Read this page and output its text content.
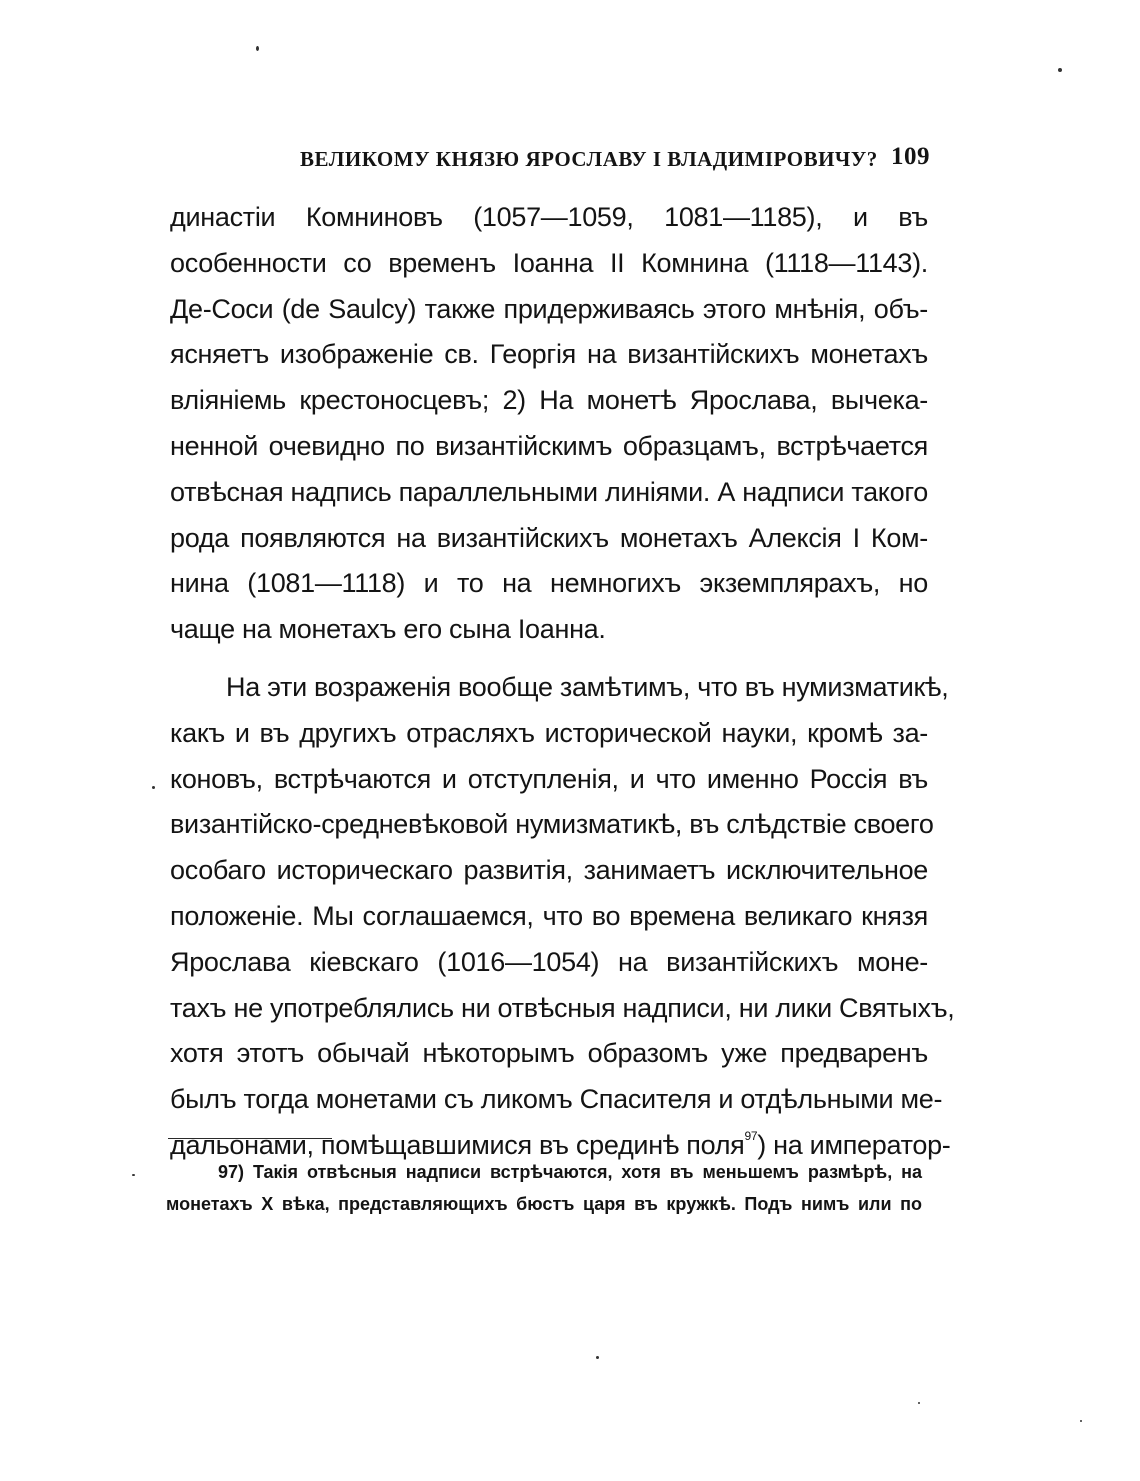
ВЕЛИКОМУ КНЯЗЮ ЯРОСЛАВУ І ВЛАДИМІРОВИЧУ? 109
династіи Комниновъ (1057—1059, 1081—1185), и въ
особенности со временъ Іоанна II Комнина (1118—1143).
Де-Соси (de Saulcy) также придерживаясь этого мнѣнія, объ-
ясняетъ изображеніе св. Георгія на византійскихъ монетахъ
вліяніемь крестоносцевъ; 2) На монетѣ Ярослава, вычека-
ненной очевидно по византійскимъ образцамъ, встрѣчается
отвѣсная надпись параллельными линіями. А надписи такого
рода появляются на византійскихъ монетахъ Алексія I Ком-
нина (1081—1118) и то на немногихъ экземплярахъ, но
чаще на монетахъ его сына Іоанна.
На эти возраженія вообще замѣтимъ, что въ нумизматикѣ,
какъ и въ другихъ отрасляхъ исторической науки, кромѣ за-
коновъ, встрѣчаются и отступленія, и что именно Россія въ
византійско-средневѣковой нумизматикѣ, въ слѣдствіе своего
особаго историческаго развитія, занимаетъ исключительное
положеніе. Мы соглашаемся, что во времена великаго князя
Ярослава кіевскаго (1016—1054) на византійскихъ моне-
тахъ не употреблялись ни отвѣсныя надписи, ни лики Святыхъ,
хотя этотъ обычай нѣкоторымъ образомъ уже предваренъ
былъ тогда монетами съ ликомъ Спасителя и отдѣльными ме-
дальонами, помѣщавшимися въ срединѣ поля$^{97}$) на император-
97) Такія отвѣсныя надписи встрѣчаются, хотя въ меньшемъ размѣрѣ, на
монетахъ X вѣка, представляющихъ бюстъ царя въ кружкѣ. Подъ нимъ или по
